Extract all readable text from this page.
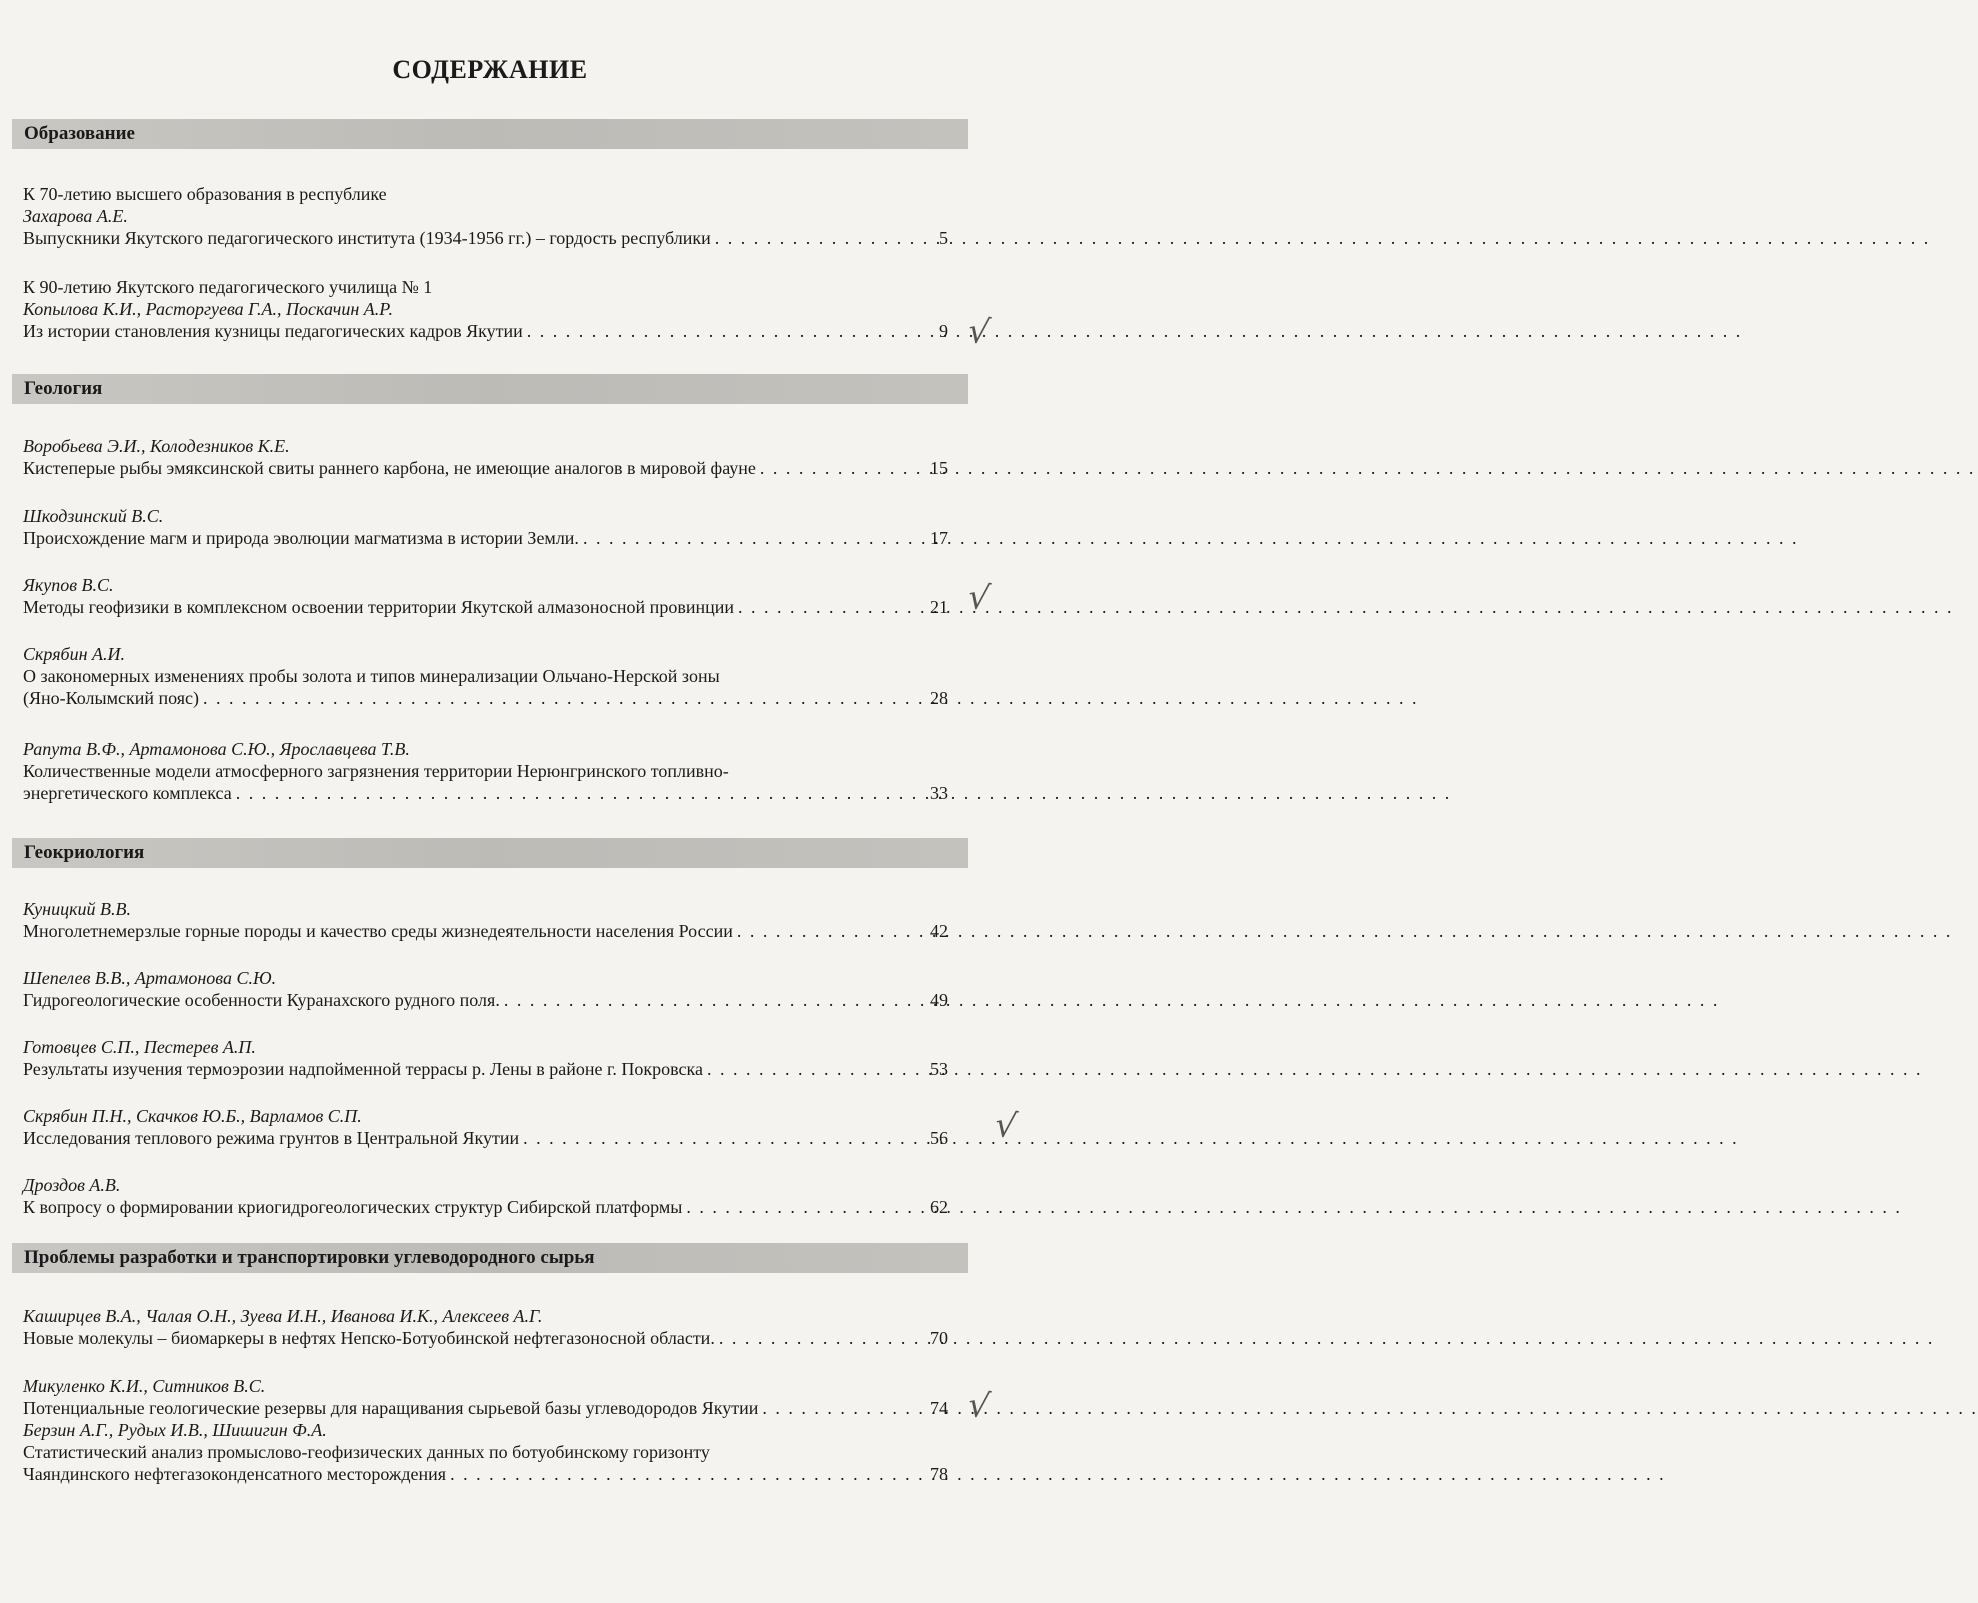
СОДЕРЖАНИЕ
Образование
К 70-летию высшего образования в республике
Захарова А.Е.
Выпускники Якутского педагогического института (1934-1956 гг.) – гордость республики . . .	5
К 90-летию Якутского педагогического училища № 1
Копылова К.И., Расторгуева Г.А., Поскачин А.Р.
Из истории становления кузницы педагогических кадров Якутии . . .	9 √
Геология
Воробьева Э.И., Колодезников К.Е.
Кистеперые рыбы эмяксинской свиты раннего карбона, не имеющие аналогов в мировой фауне . . .	15
Шкодзинский В.С.
Происхождение магм и природа эволюции магматизма в истории Земли. . . .	17
Якупов В.С.
Методы геофизики в комплексном освоении территории Якутской алмазоносной провинции . . .	21 √
Скрябин А.И.
О закономерных изменениях пробы золота и типов минерализации Ольчано-Нерской зоны
(Яно-Колымский пояс) . . .	28
Рапута В.Ф., Артамонова С.Ю., Ярославцева Т.В.
Количественные модели атмосферного загрязнения территории Нерюнгринского топливно-
энергетического комплекса . . .	33
Геокриология
Куницкий В.В.
Многолетнемерзлые горные породы и качество среды жизнедеятельности населения России . . .	42
Шепелев В.В., Артамонова С.Ю.
Гидрогеологические особенности Куранахского рудного поля. . . .	49
Готовцев С.П., Пестерев А.П.
Результаты изучения термоэрозии надпойменной террасы р. Лены в районе г. Покровска . . .	53
Скрябин П.Н., Скачков Ю.Б., Варламов С.П.
Исследования теплового режима грунтов в Центральной Якутии . . .	56 √
Дроздов А.В.
К вопросу о формировании криогидрогеологических структур Сибирской платформы . . .	62
Проблемы разработки и транспортировки углеводородного сырья
Каширцев В.А., Чалая О.Н., Зуева И.Н., Иванова И.К., Алексеев А.Г.
Новые молекулы – биомаркеры в нефтях Непско-Ботуобинской нефтегазоносной области. . . .	70
Микуленко К.И., Ситников В.С.
Потенциальные геологические резервы для наращивания сырьевой базы углеводородов Якутии . . .	74 √
Берзин А.Г., Рудых И.В., Шишигин Ф.А.
Статистический анализ промыслово-геофизических данных по ботуобинскому горизонту
Чаяндинского нефтегазоконденсатного месторождения . . .	78
